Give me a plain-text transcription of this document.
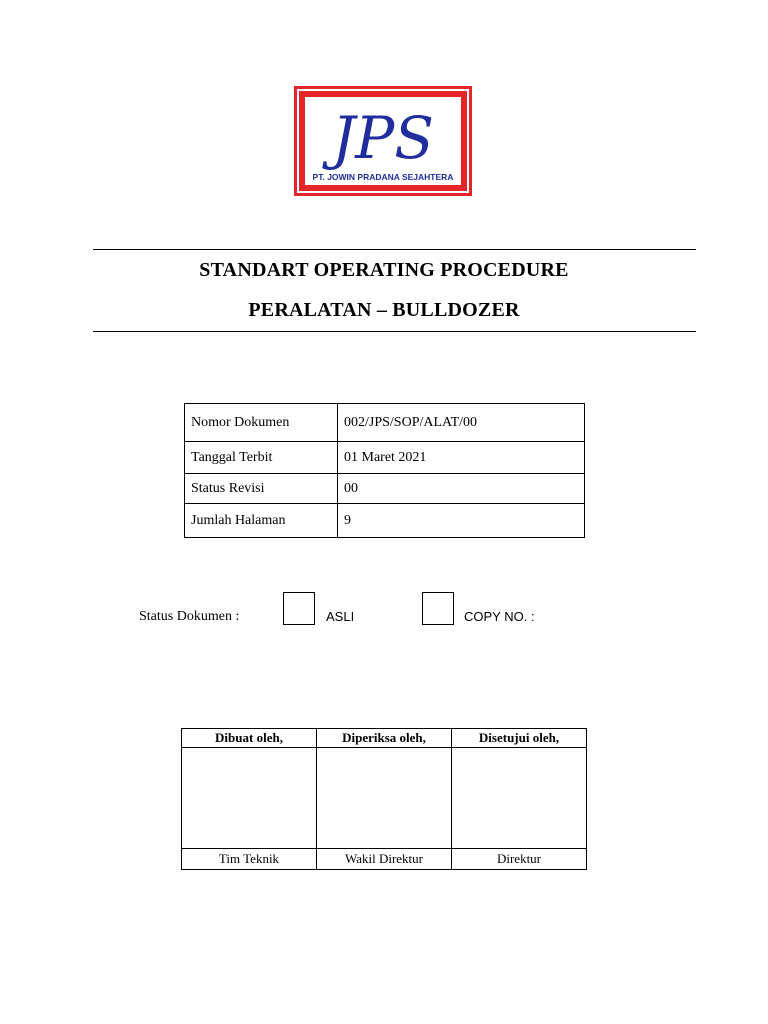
JPS
PT. JOWIN PRADANA SEJAHTERA
STANDART OPERATING PROCEDURE
PERALATAN – BULLDOZER
Nomor Dokumen	002/JPS/SOP/ALAT/00
Tanggal Terbit	01 Maret 2021
Status Revisi	00
Jumlah Halaman	9
Status Dokumen :	ASLI	COPY NO. :
Dibuat oleh,	Diperiksa oleh,	Disetujui oleh,

Tim Teknik	Wakil Direktur	Direktur
